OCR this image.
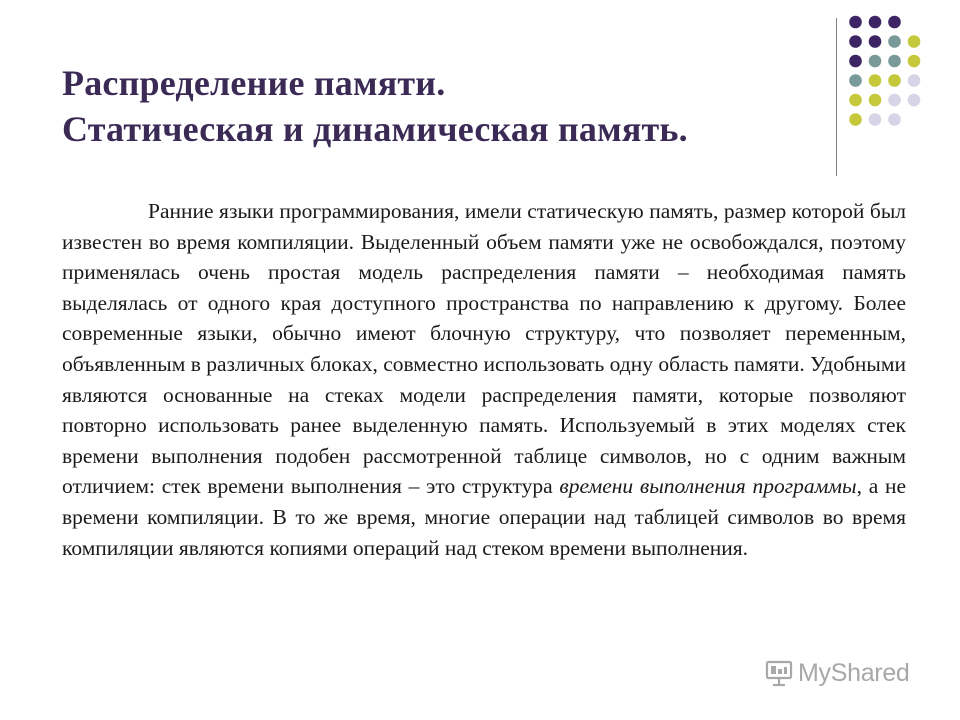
Распределение памяти.
Статическая и динамическая память.

Ранние языки программирования, имели статическую память, размер которой был известен во время компиляции. Выделенный объем памяти уже не освобождался, поэтому применялась очень простая модель распределения памяти – необходимая память выделялась от одного края доступного пространства по направлению к другому. Более современные языки, обычно имеют блочную структуру, что позволяет переменным, объявленным в различных блоках, совместно использовать одну область памяти. Удобными являются основанные на стеках модели распределения памяти, которые позволяют повторно использовать ранее выделенную память. Используемый в этих моделях стек времени выполнения подобен рассмотренной таблице символов, но с одним важным отличием: стек времени выполнения – это структура времени выполнения программы, а не времени компиляции. В то же время, многие операции над таблицей символов во время компиляции являются копиями операций над стеком времени выполнения.

MyShared
